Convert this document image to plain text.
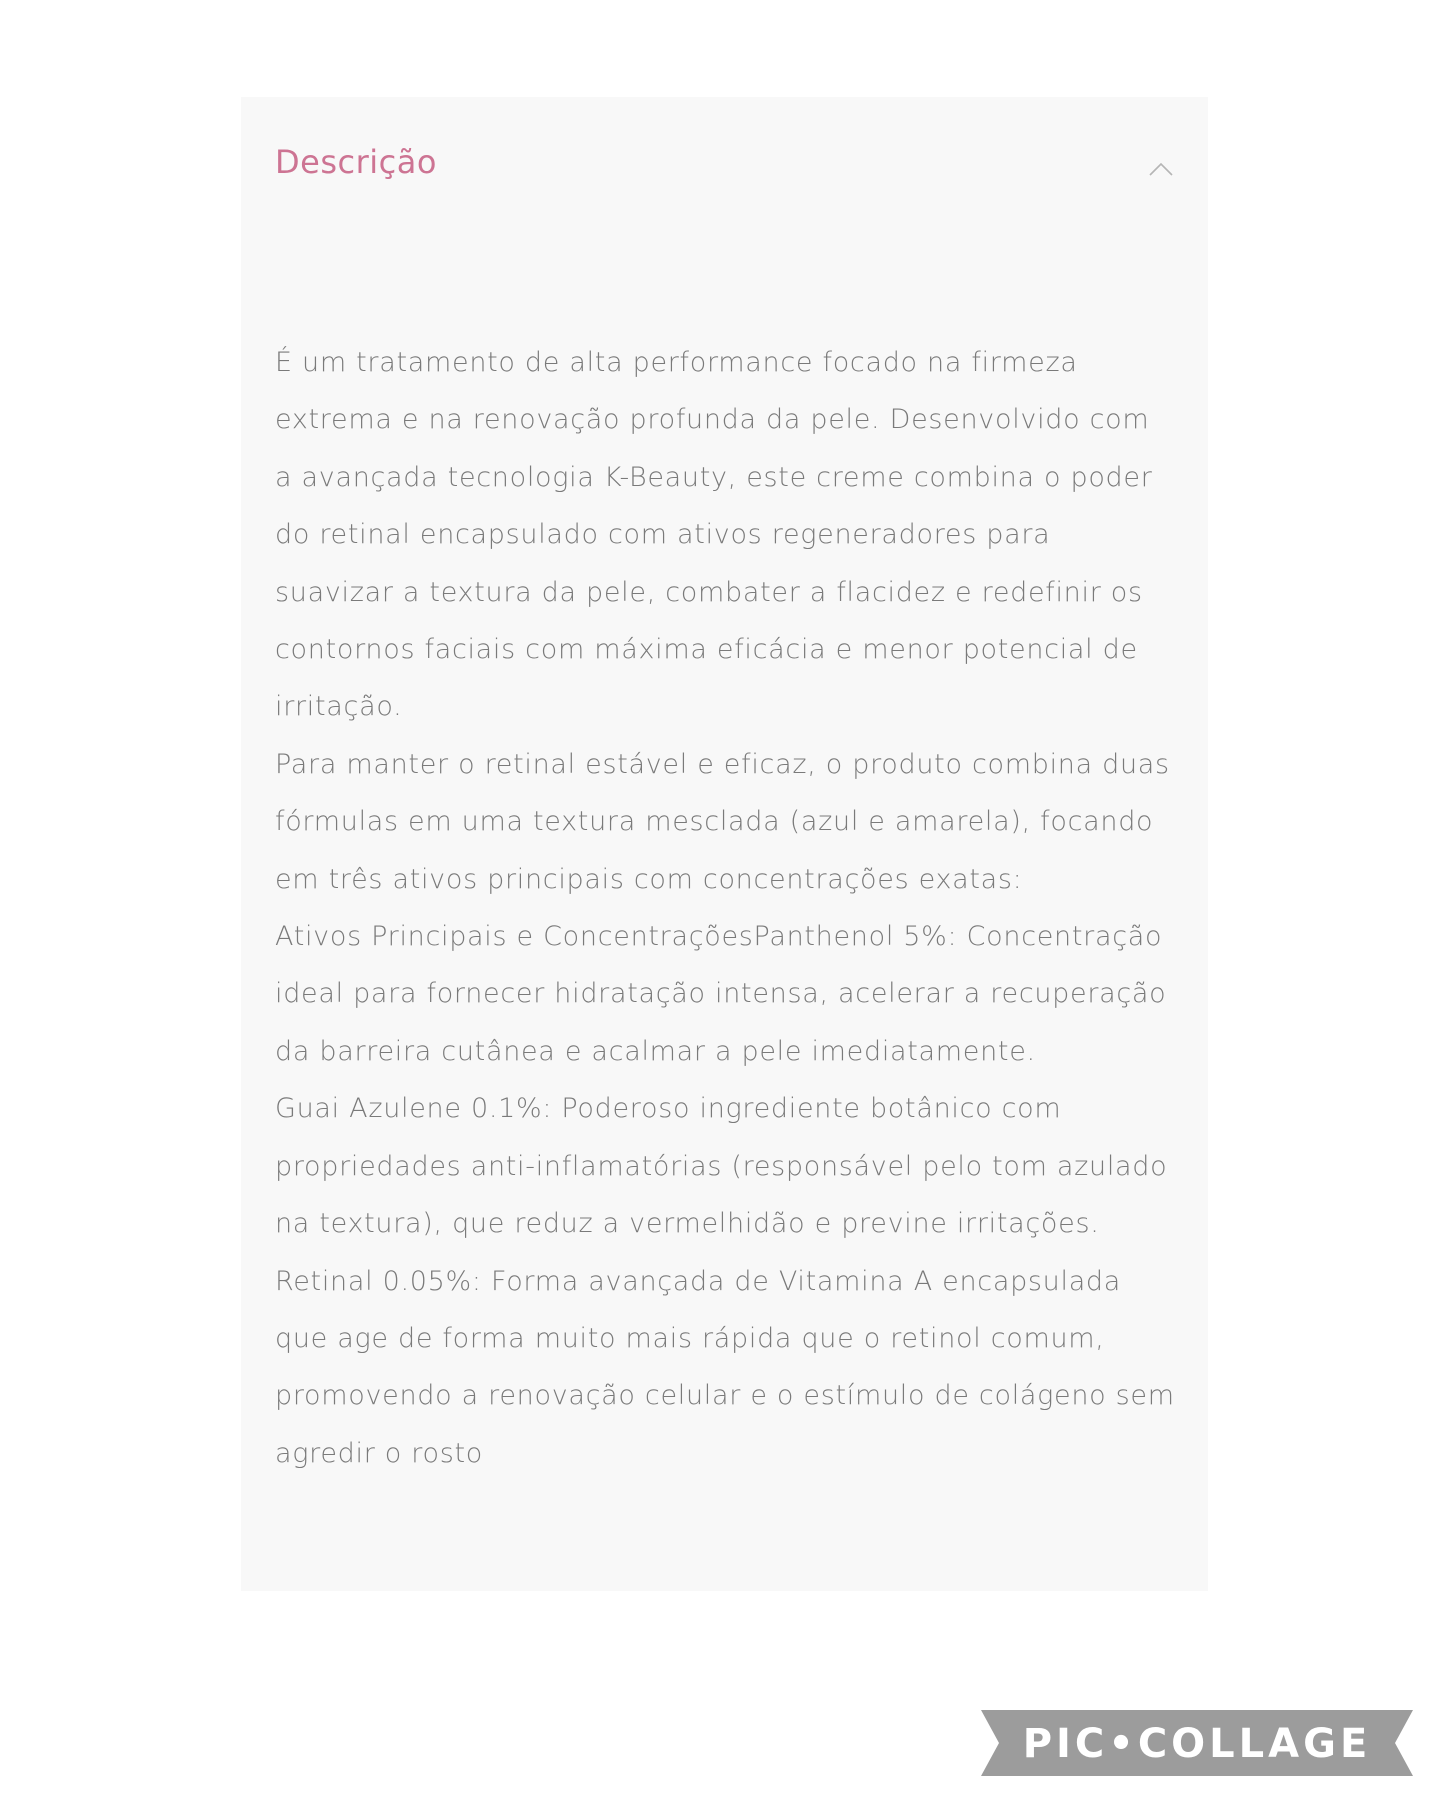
Descrição

É um tratamento de alta performance focado na firmeza extrema e na renovação profunda da pele. Desenvolvido com a avançada tecnologia K-Beauty, este creme combina o poder do retinal encapsulado com ativos regeneradores para suavizar a textura da pele, combater a flacidez e redefinir os contornos faciais com máxima eficácia e menor potencial de irritação.

Para manter o retinal estável e eficaz, o produto combina duas fórmulas em uma textura mesclada (azul e amarela), focando em três ativos principais com concentrações exatas:

Ativos Principais e ConcentraçõesPanthenol 5%: Concentração ideal para fornecer hidratação intensa, acelerar a recuperação da barreira cutânea e acalmar a pele imediatamente.

Guai Azulene 0.1%: Poderoso ingrediente botânico com propriedades anti-inflamatórias (responsável pelo tom azulado na textura), que reduz a vermelhidão e previne irritações.

Retinal 0.05%: Forma avançada de Vitamina A encapsulada que age de forma muito mais rápida que o retinol comum, promovendo a renovação celular e o estímulo de colágeno sem agredir o rosto

PIC•COLLAGE
